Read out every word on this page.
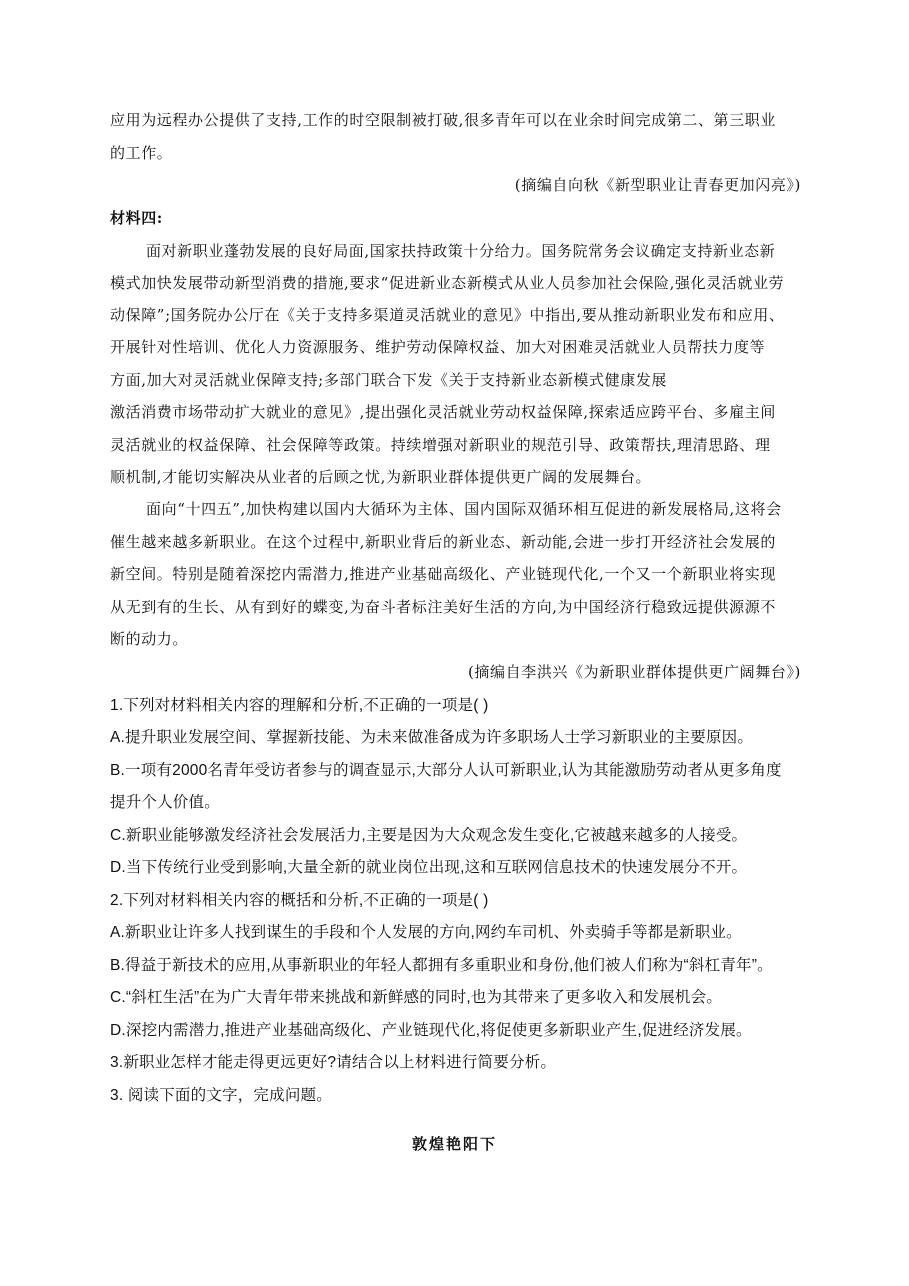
应用为远程办公提供了支持,工作的时空限制被打破,很多青年可以在业余时间完成第二、第三职业
的工作。
(摘编自向秋《新型职业让青春更加闪亮》)
材料四:
面对新职业蓬勃发展的良好局面,国家扶持政策十分给力。国务院常务会议确定支持新业态新
模式加快发展带动新型消费的措施,要求“促进新业态新模式从业人员参加社会保险,强化灵活就业劳
动保障”;国务院办公厅在《关于支持多渠道灵活就业的意见》中指出,要从推动新职业发布和应用、
开展针对性培训、优化人力资源服务、维护劳动保障权益、加大对困难灵活就业人员帮扶力度等
方面,加大对灵活就业保障支持;多部门联合下发《关于支持新业态新模式健康发展
激活消费市场带动扩大就业的意见》,提出强化灵活就业劳动权益保障,探索适应跨平台、多雇主间
灵活就业的权益保障、社会保障等政策。持续增强对新职业的规范引导、政策帮扶,理清思路、理
顺机制,才能切实解决从业者的后顾之忧,为新职业群体提供更广阔的发展舞台。
面向“十四五”,加快构建以国内大循环为主体、国内国际双循环相互促进的新发展格局,这将会
催生越来越多新职业。在这个过程中,新职业背后的新业态、新动能,会进一步打开经济社会发展的
新空间。特别是随着深挖内需潜力,推进产业基础高级化、产业链现代化,一个又一个新职业将实现
从无到有的生长、从有到好的蝶变,为奋斗者标注美好生活的方向,为中国经济行稳致远提供源源不
断的动力。
(摘编自李洪兴《为新职业群体提供更广阔舞台》)
1.下列对材料相关内容的理解和分析,不正确的一项是( )
A.提升职业发展空间、掌握新技能、为未来做准备成为许多职场人士学习新职业的主要原因。
B.一项有2000名青年受访者参与的调查显示,大部分人认可新职业,认为其能激励劳动者从更多角度
提升个人价值。
C.新职业能够激发经济社会发展活力,主要是因为大众观念发生变化,它被越来越多的人接受。
D.当下传统行业受到影响,大量全新的就业岗位出现,这和互联网信息技术的快速发展分不开。
2.下列对材料相关内容的概括和分析,不正确的一项是( )
A.新职业让许多人找到谋生的手段和个人发展的方向,网约车司机、外卖骑手等都是新职业。
B.得益于新技术的应用,从事新职业的年轻人都拥有多重职业和身份,他们被人们称为“斜杠青年”。
C.“斜杠生活”在为广大青年带来挑战和新鲜感的同时,也为其带来了更多收入和发展机会。
D.深挖内需潜力,推进产业基础高级化、产业链现代化,将促使更多新职业产生,促进经济发展。
3.新职业怎样才能走得更远更好?请结合以上材料进行简要分析。
3. 阅读下面的文字，完成问题。
敦煌艳阳下
